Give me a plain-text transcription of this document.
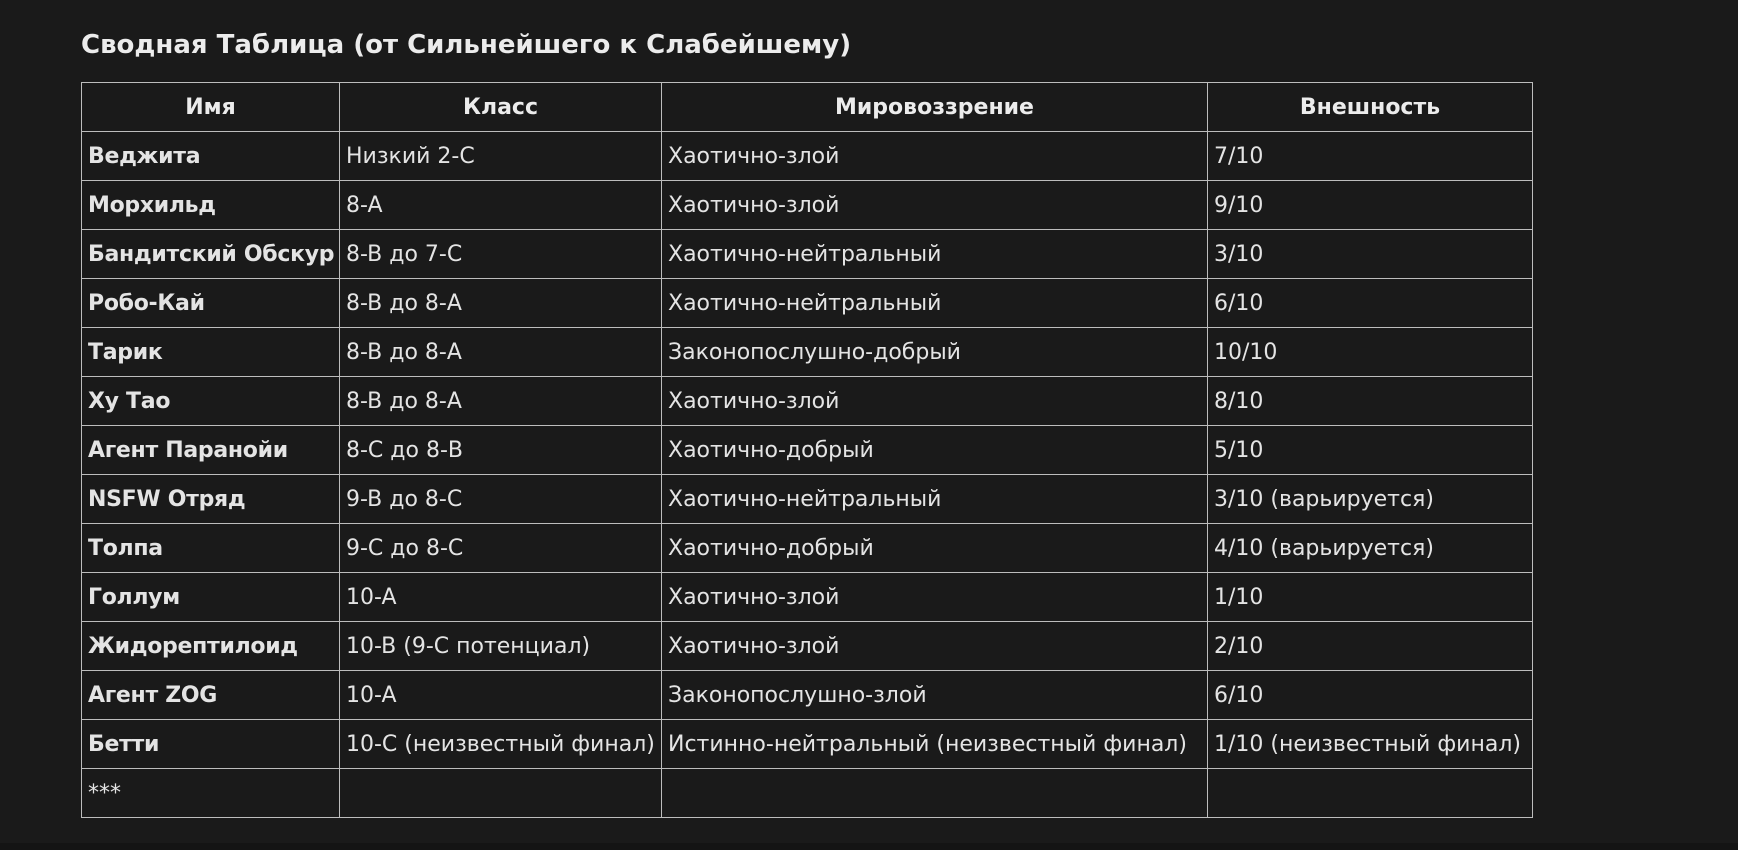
Сводная Таблица (от Сильнейшего к Слабейшему)
Имя	Класс	Мировоззрение	Внешность
Веджита	Низкий 2-C	Хаотично-злой	7/10
Морхильд	8-A	Хаотично-злой	9/10
Бандитский Обскур	8-B до 7-C	Хаотично-нейтральный	3/10
Робо-Кай	8-B до 8-A	Хаотично-нейтральный	6/10
Тарик	8-B до 8-A	Законопослушно-добрый	10/10
Ху Тао	8-B до 8-A	Хаотично-злой	8/10
Агент Паранойи	8-C до 8-B	Хаотично-добрый	5/10
NSFW Отряд	9-B до 8-C	Хаотично-нейтральный	3/10 (варьируется)
Толпа	9-C до 8-C	Хаотично-добрый	4/10 (варьируется)
Голлум	10-A	Хаотично-злой	1/10
Жидорептилоид	10-B (9-C потенциал)	Хаотично-злой	2/10
Агент ZOG	10-A	Законопослушно-злой	6/10
Бетти	10-C (неизвестный финал)	Истинно-нейтральный (неизвестный финал)	1/10 (неизвестный финал)
***			
